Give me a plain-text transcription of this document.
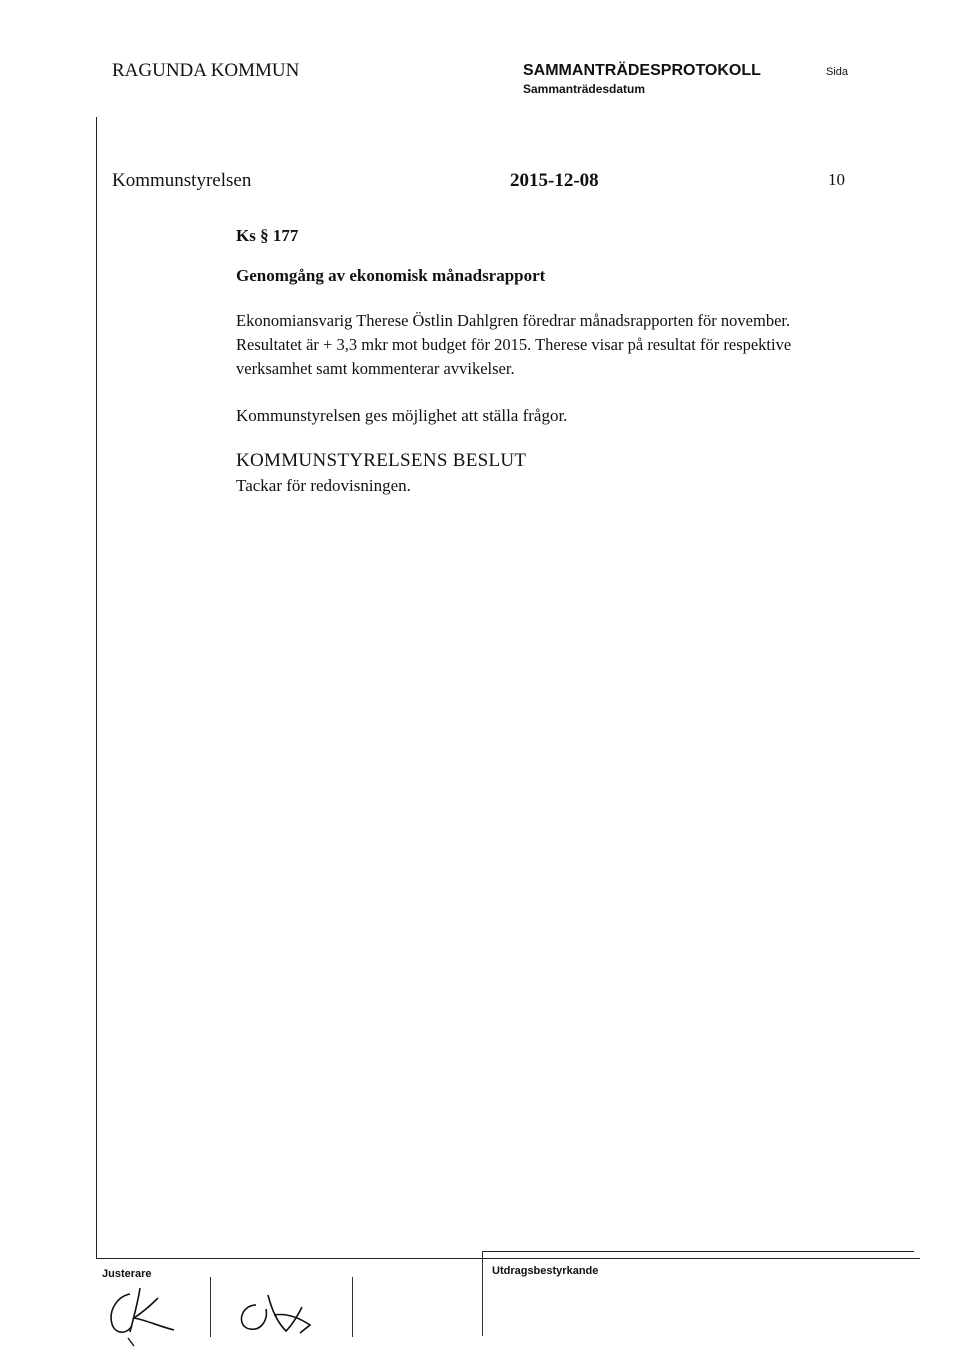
RAGUNDA KOMMUN	SAMMANTRÄDESPROTOKOLL
Sammanträdesdatum
Sida
Kommunstyrelsen	2015-12-08	10
Ks § 177
Genomgång av ekonomisk månadsrapport

Ekonomiansvarig Therese Östlin Dahlgren föredrar månadsrapporten för november. Resultatet är + 3,3 mkr mot budget för 2015. Therese visar på resultat för respektive verksamhet samt kommenterar avvikelser.

Kommunstyrelsen ges möjlighet att ställa frågor.
KOMMUNSTYRELSENS BESLUT
Tackar för redovisningen.
Justerare	Utdragsbestyrkande
